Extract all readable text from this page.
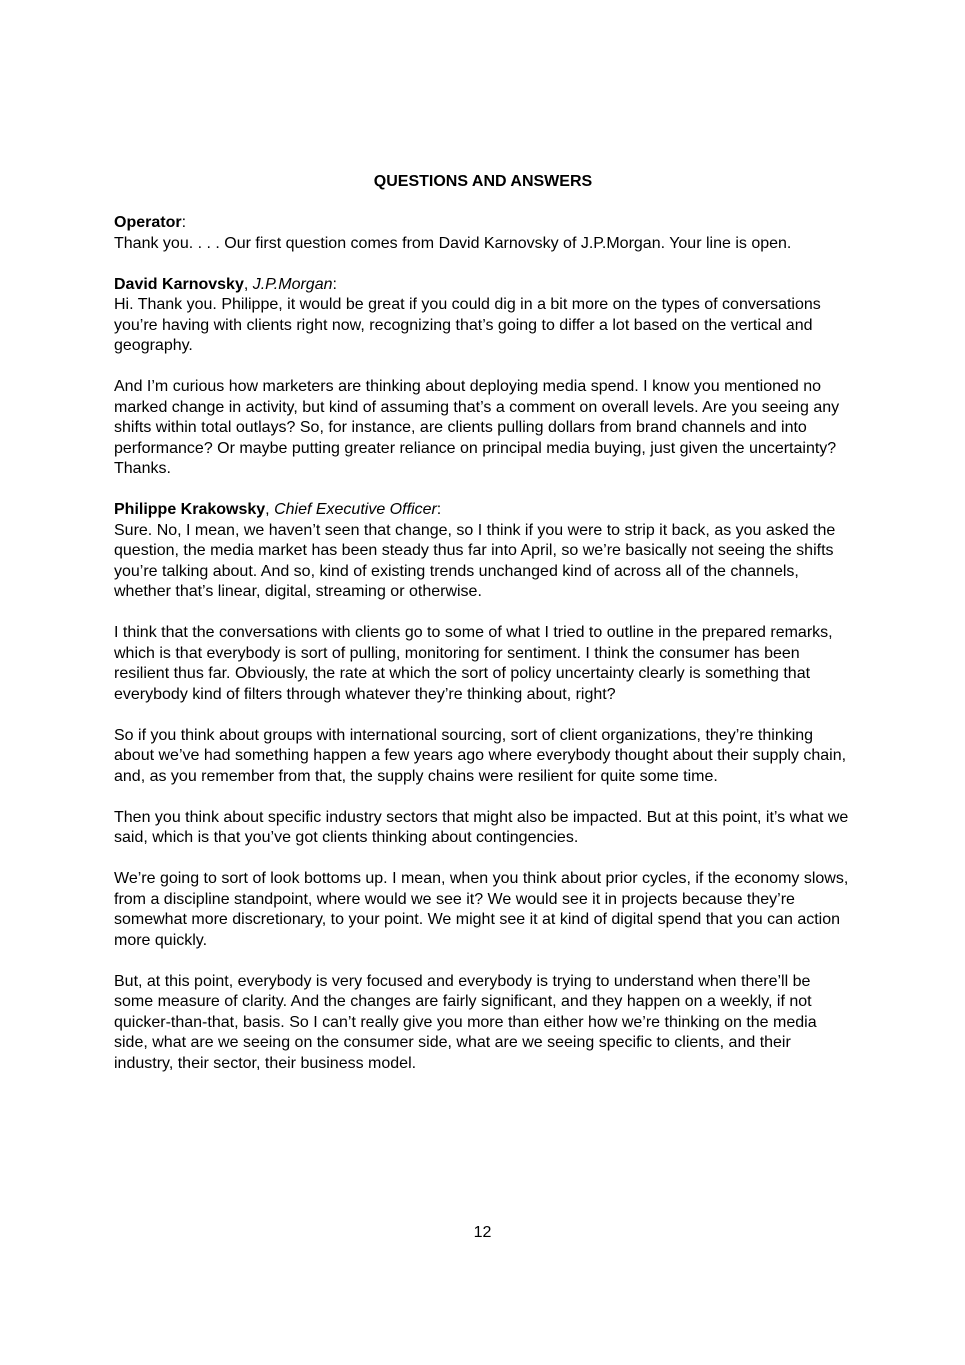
QUESTIONS AND ANSWERS

Operator:

Thank you. . . . Our first question comes from David Karnovsky of J.P.Morgan. Your line is open.

David Karnovsky, J.P.Morgan:

Hi. Thank you. Philippe, it would be great if you could dig in a bit more on the types of conversations you’re having with clients right now, recognizing that’s going to differ a lot based on the vertical and geography.

And I’m curious how marketers are thinking about deploying media spend. I know you mentioned no marked change in activity, but kind of assuming that’s a comment on overall levels. Are you seeing any shifts within total outlays? So, for instance, are clients pulling dollars from brand channels and into performance? Or maybe putting greater reliance on principal media buying, just given the uncertainty? Thanks.

Philippe Krakowsky, Chief Executive Officer:

Sure. No, I mean, we haven’t seen that change, so I think if you were to strip it back, as you asked the question, the media market has been steady thus far into April, so we’re basically not seeing the shifts you’re talking about. And so, kind of existing trends unchanged kind of across all of the channels, whether that’s linear, digital, streaming or otherwise.

I think that the conversations with clients go to some of what I tried to outline in the prepared remarks, which is that everybody is sort of pulling, monitoring for sentiment. I think the consumer has been resilient thus far. Obviously, the rate at which the sort of policy uncertainty clearly is something that everybody kind of filters through whatever they’re thinking about, right?

So if you think about groups with international sourcing, sort of client organizations, they’re thinking about we’ve had something happen a few years ago where everybody thought about their supply chain, and, as you remember from that, the supply chains were resilient for quite some time.

Then you think about specific industry sectors that might also be impacted. But at this point, it’s what we said, which is that you’ve got clients thinking about contingencies.

We’re going to sort of look bottoms up. I mean, when you think about prior cycles, if the economy slows, from a discipline standpoint, where would we see it? We would see it in projects because they’re somewhat more discretionary, to your point. We might see it at kind of digital spend that you can action more quickly.

But, at this point, everybody is very focused and everybody is trying to understand when there’ll be some measure of clarity. And the changes are fairly significant, and they happen on a weekly, if not quicker-than-that, basis. So I can’t really give you more than either how we’re thinking on the media side, what are we seeing on the consumer side, what are we seeing specific to clients, and their industry, their sector, their business model.

12
